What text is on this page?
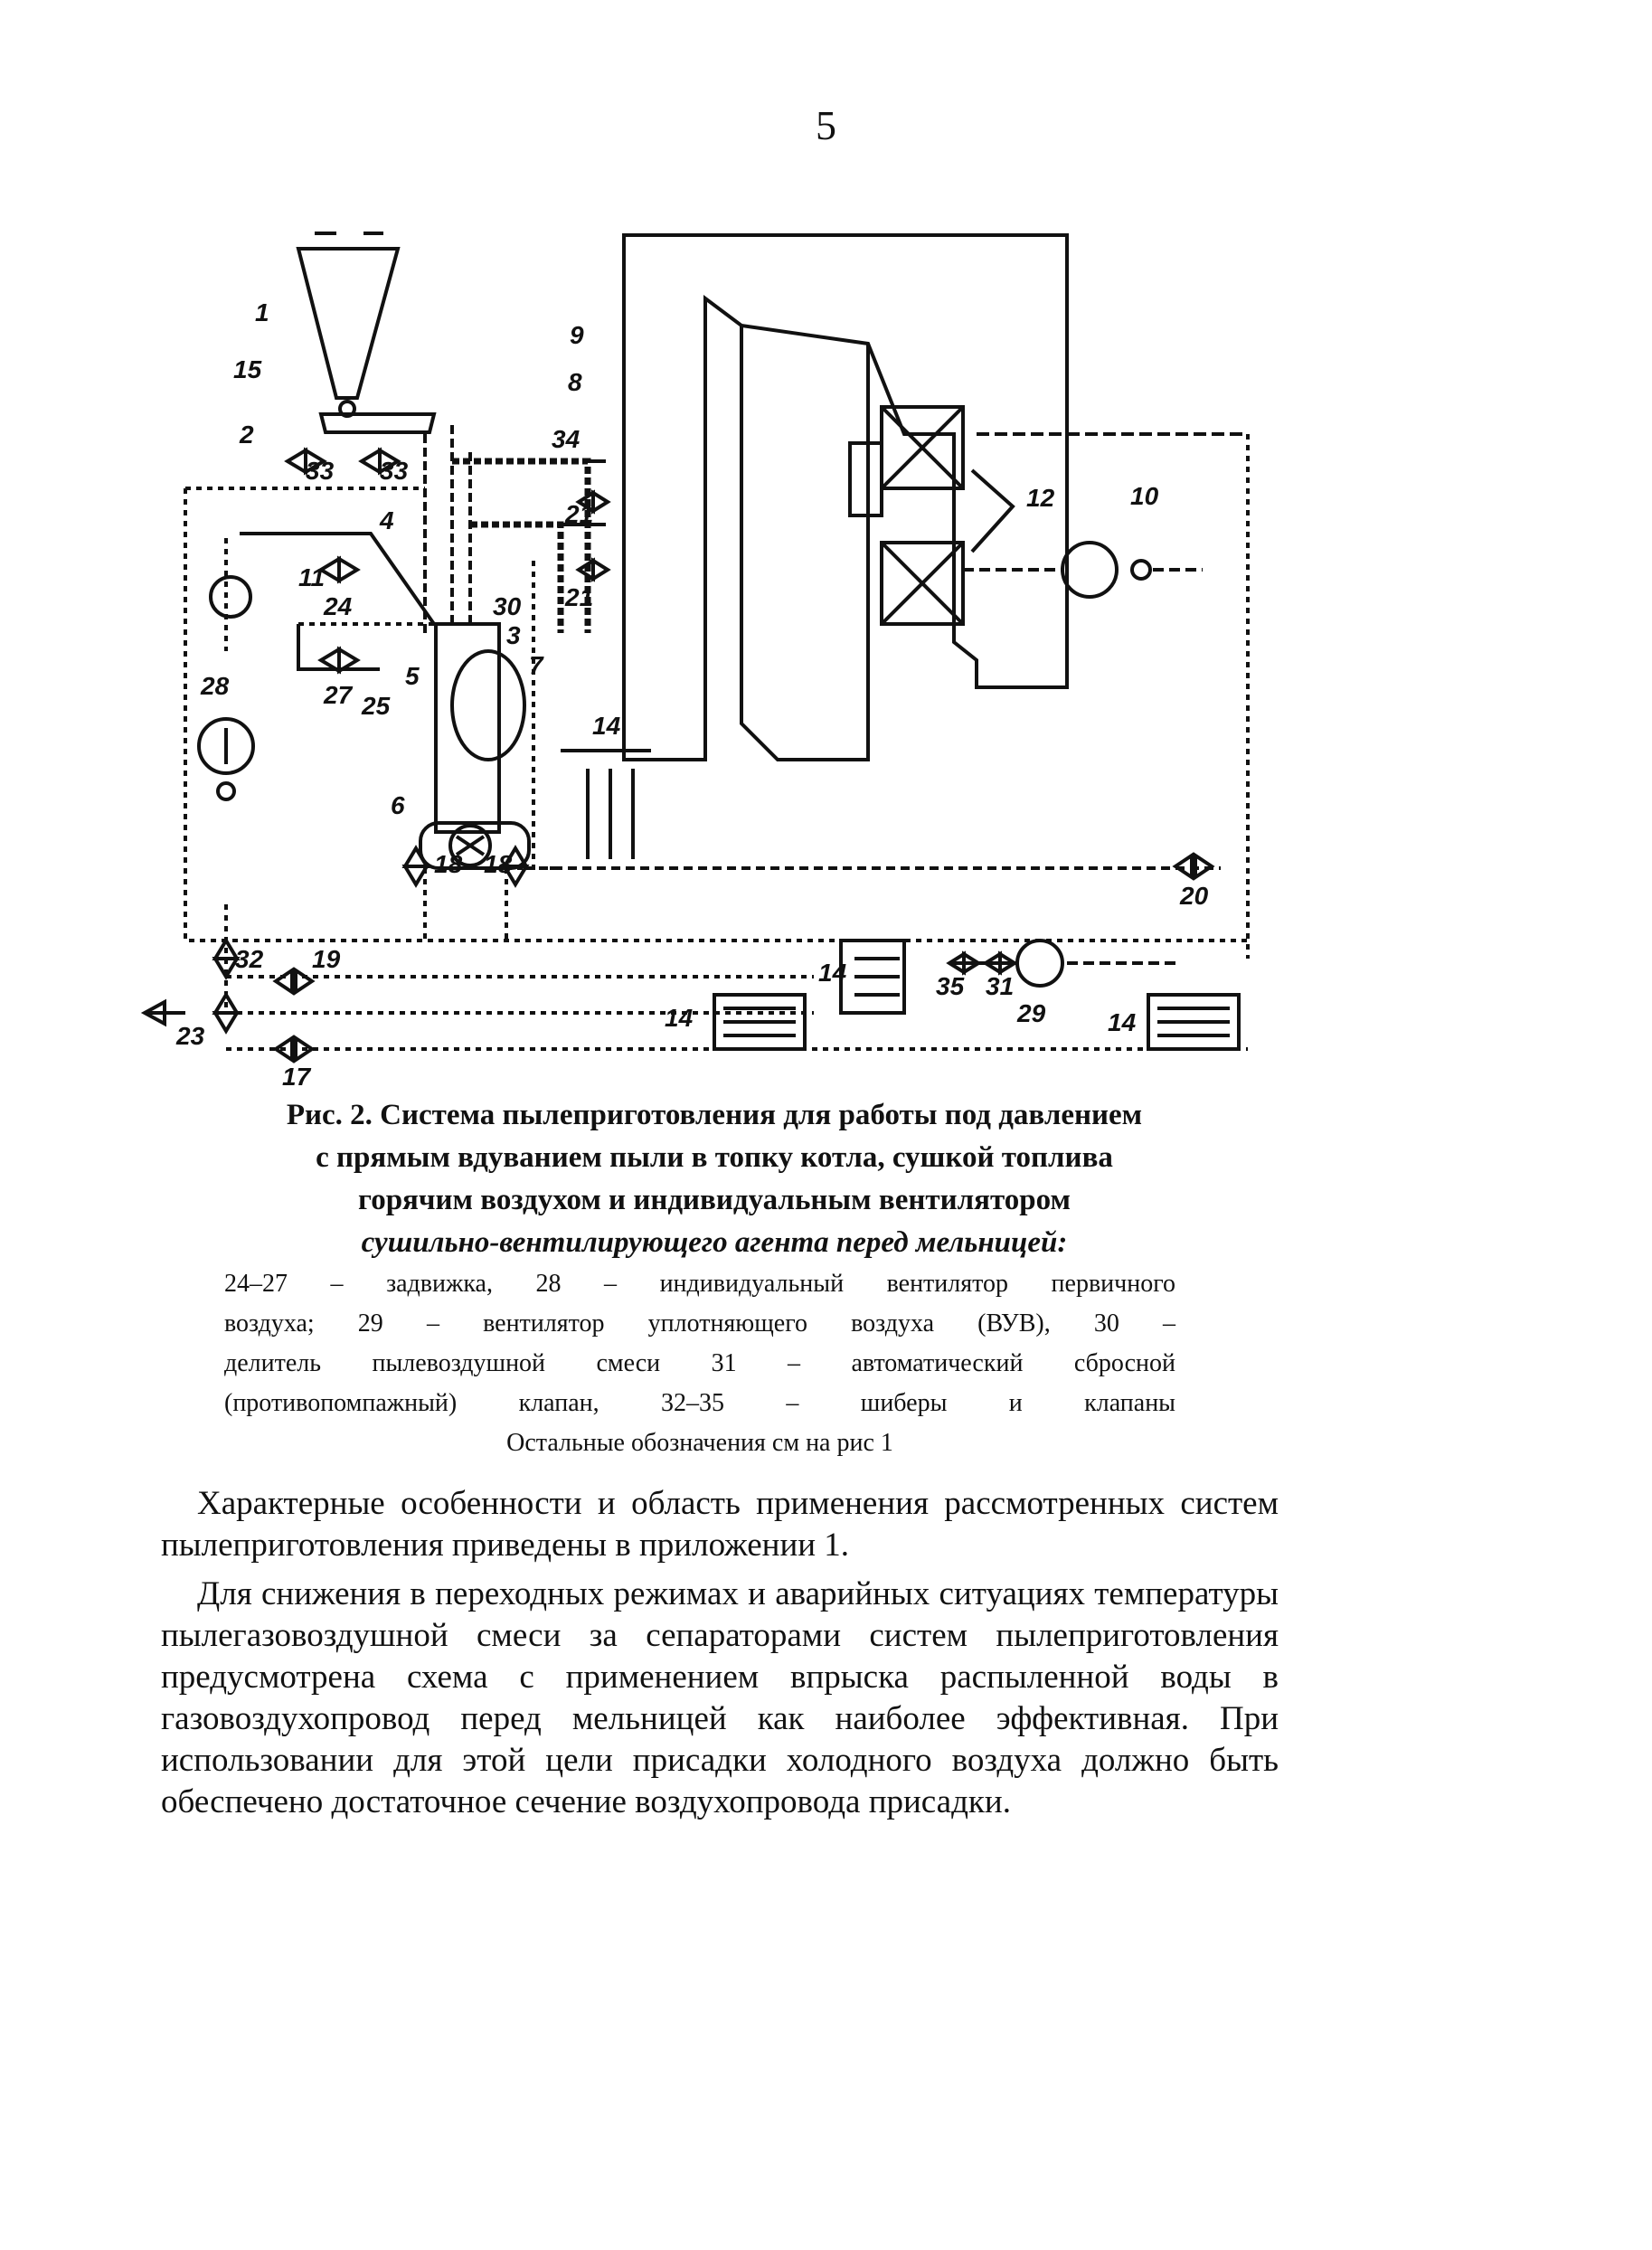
5
1
15
2
33 33
4
11
24
27 25
28
30
3
5	7
6
18 18
9
8
34
21
21
14
12	10
20
32 19
23
17
14
14	35 31
29 14
Рис. 2. Система пылеприготовления для работы под давлением
с прямым вдуванием пыли в топку котла, сушкой топлива
горячим воздухом и индивидуальным вентилятором
сушильно-вентилирующего агента перед мельницей:
24–27 – задвижка, 28 – индивидуальный вентилятор первичного
воздуха; 29 – вентилятор уплотняющего воздуха (ВУВ), 30 –
делитель пылевоздушной смеси 31 – автоматический сбросной
(противопомпажный) клапан, 32–35 – шиберы и клапаны
Остальные обозначения см на рис 1
Характерные особенности и область применения рассмотренных систем пылеприготовления приведены в приложении 1.
Для снижения в переходных режимах и аварийных ситуациях температуры пылегазовоздушной смеси за сепараторами систем пылеприготовления предусмотрена схема с применением впрыска распыленной воды в газовоздухопровод перед мельницей как наиболее эффективная. При использовании для этой цели присадки холодного воздуха должно быть обеспечено достаточное сечение воздухопровода присадки.
